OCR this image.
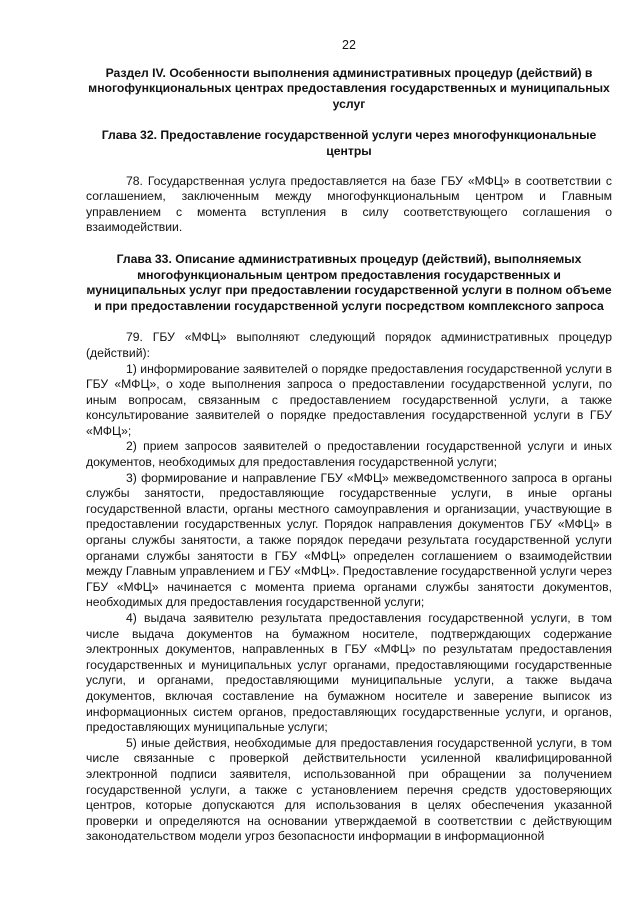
22
Раздел IV. Особенности выполнения административных процедур (действий) в многофункциональных центрах предоставления государственных и муниципальных услуг
Глава 32. Предоставление государственной услуги через многофункциональные центры

78. Государственная услуга предоставляется на базе ГБУ «МФЦ» в соответствии с соглашением, заключенным между многофункциональным центром и Главным управлением с момента вступления в силу соответствующего соглашения о взаимодействии.

Глава 33. Описание административных процедур (действий), выполняемых многофункциональным центром предоставления государственных и муниципальных услуг при предоставлении государственной услуги в полном объеме и при предоставлении государственной услуги посредством комплексного запроса

79. ГБУ «МФЦ» выполняют следующий порядок административных процедур (действий):

1) информирование заявителей о порядке предоставления государственной услуги в ГБУ «МФЦ», о ходе выполнения запроса о предоставлении государственной услуги, по иным вопросам, связанным с предоставлением государственной услуги, а также консультирование заявителей о порядке предоставления государственной услуги в ГБУ «МФЦ»;

2) прием запросов заявителей о предоставлении государственной услуги и иных документов, необходимых для предоставления государственной услуги;

3) формирование и направление ГБУ «МФЦ» межведомственного запроса в органы службы занятости, предоставляющие государственные услуги, в иные органы государственной власти, органы местного самоуправления и организации, участвующие в предоставлении государственных услуг. Порядок направления документов ГБУ «МФЦ» в органы службы занятости, а также порядок передачи результата государственной услуги органами службы занятости в ГБУ «МФЦ» определен соглашением о взаимодействии между Главным управлением и ГБУ «МФЦ». Предоставление государственной услуги через ГБУ «МФЦ» начинается с момента приема органами службы занятости документов, необходимых для предоставления государственной услуги;

4) выдача заявителю результата предоставления государственной услуги, в том числе выдача документов на бумажном носителе, подтверждающих содержание электронных документов, направленных в ГБУ «МФЦ» по результатам предоставления государственных и муниципальных услуг органами, предоставляющими государственные услуги, и органами, предоставляющими муниципальные услуги, а также выдача документов, включая составление на бумажном носителе и заверение выписок из информационных систем органов, предоставляющих государственные услуги, и органов, предоставляющих муниципальные услуги;

5) иные действия, необходимые для предоставления государственной услуги, в том числе связанные с проверкой действительности усиленной квалифицированной электронной подписи заявителя, использованной при обращении за получением государственной услуги, а также с установлением перечня средств удостоверяющих центров, которые допускаются для использования в целях обеспечения указанной проверки и определяются на основании утверждаемой в соответствии с действующим законодательством модели угроз безопасности информации в информационной
